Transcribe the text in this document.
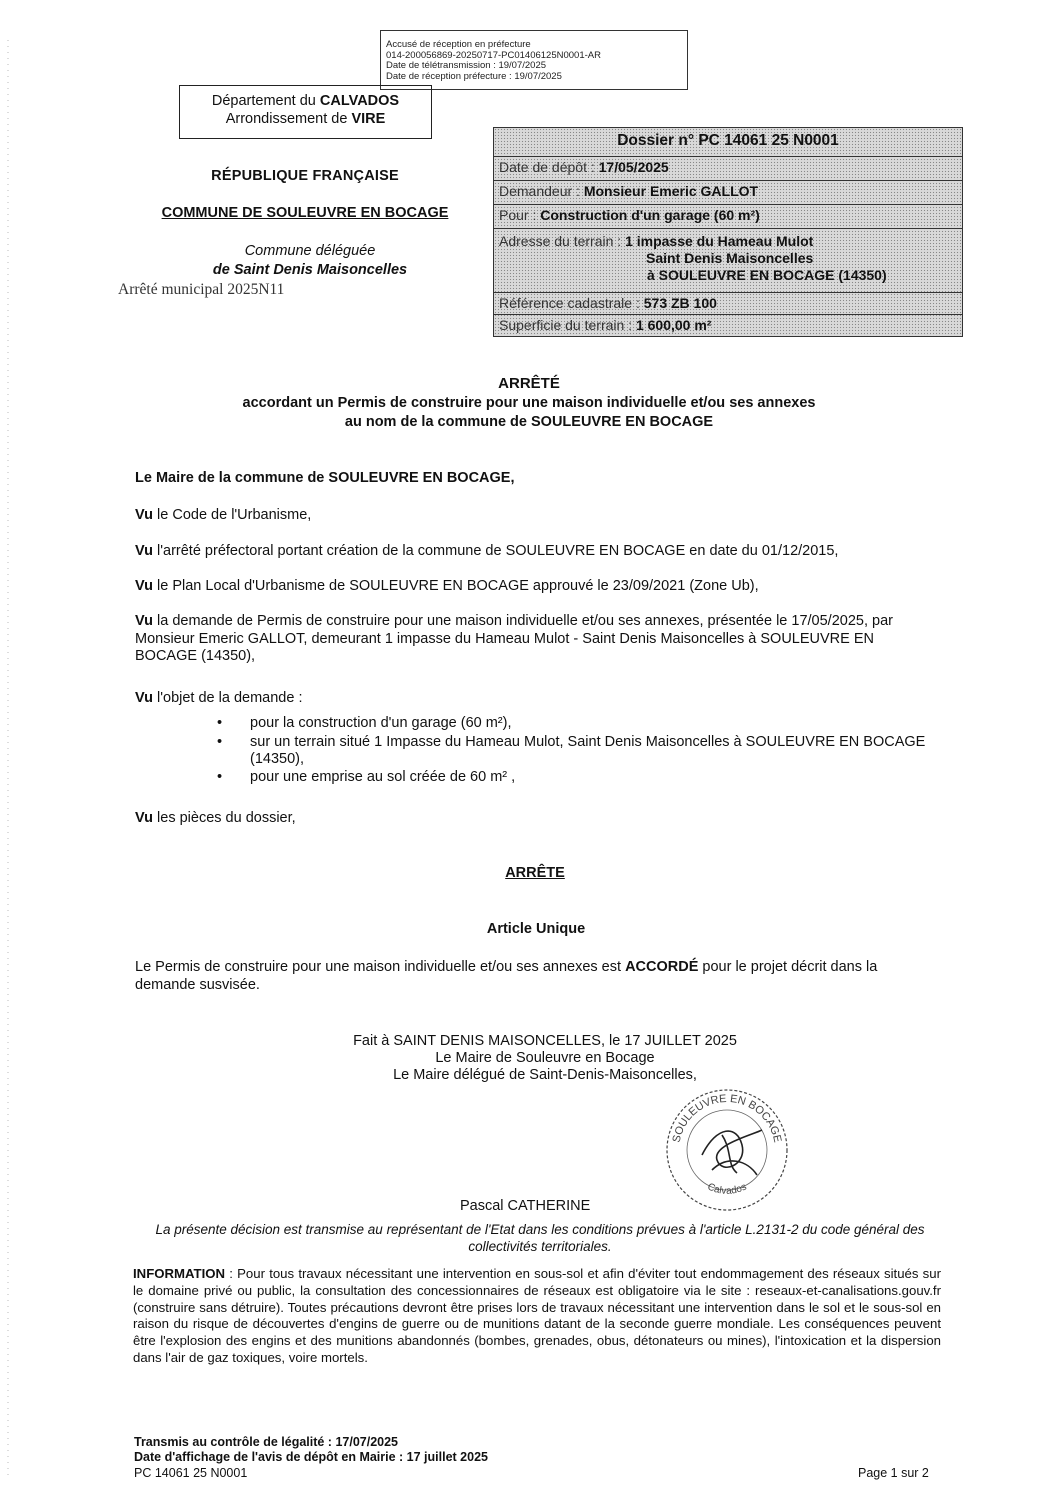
Accusé de réception en préfecture
014-200056869-20250717-PC01406125N0001-AR
Date de télétransmission : 19/07/2025
Date de réception préfecture : 19/07/2025
Département du CALVADOS
Arrondissement de VIRE
RÉPUBLIQUE FRANÇAISE
COMMUNE DE SOULEUVRE EN BOCAGE
Commune déléguée
de Saint Denis Maisoncelles
Arrêté municipal 2025N11
Dossier n° PC 14061 25 N0001
Date de dépôt : 17/05/2025
Demandeur : Monsieur Emeric GALLOT
Pour : Construction d'un garage (60 m²)
Adresse du terrain : 1 impasse du Hameau Mulot
Saint Denis Maisoncelles
à SOULEUVRE EN BOCAGE (14350)
Référence cadastrale : 573 ZB 100
Superficie du terrain : 1 600,00 m²
ARRÊTÉ
accordant un Permis de construire pour une maison individuelle et/ou ses annexes
au nom de la commune de SOULEUVRE EN BOCAGE
Le Maire de la commune de SOULEUVRE EN BOCAGE,
Vu le Code de l'Urbanisme,
Vu l'arrêté préfectoral portant création de la commune de SOULEUVRE EN BOCAGE en date du 01/12/2015,
Vu le Plan Local d'Urbanisme de SOULEUVRE EN BOCAGE approuvé le 23/09/2021 (Zone Ub),
Vu la demande de Permis de construire pour une maison individuelle et/ou ses annexes, présentée le 17/05/2025, par Monsieur Emeric GALLOT, demeurant 1 impasse du Hameau Mulot - Saint Denis Maisoncelles à SOULEUVRE EN BOCAGE (14350),
Vu l'objet de la demande :
• pour la construction d'un garage (60 m²),
• sur un terrain situé 1 Impasse du Hameau Mulot, Saint Denis Maisoncelles à SOULEUVRE EN BOCAGE (14350),
• pour une emprise au sol créée de 60 m² ,
Vu les pièces du dossier,
ARRÊTE
Article Unique
Le Permis de construire pour une maison individuelle et/ou ses annexes est ACCORDÉ pour le projet décrit dans la demande susvisée.
Fait à SAINT DENIS MAISONCELLES, le 17 JUILLET 2025
Le Maire de Souleuvre en Bocage
Le Maire délégué de Saint-Denis-Maisoncelles,
SOULEUVRE EN BOCAGE
Calvados
Pascal CATHERINE
La présente décision est transmise au représentant de l'Etat dans les conditions prévues à l'article L.2131-2 du code général des collectivités territoriales.
INFORMATION : Pour tous travaux nécessitant une intervention en sous-sol et afin d'éviter tout endommagement des réseaux situés sur le domaine privé ou public, la consultation des concessionnaires de réseaux est obligatoire via le site : reseaux-et-canalisations.gouv.fr (construire sans détruire). Toutes précautions devront être prises lors de travaux nécessitant une intervention dans le sol et le sous-sol en raison du risque de découvertes d'engins de guerre ou de munitions datant de la seconde guerre mondiale. Les conséquences peuvent être l'explosion des engins et des munitions abandonnés (bombes, grenades, obus, détonateurs ou mines), l'intoxication et la dispersion dans l'air de gaz toxiques, voire mortels.
Transmis au contrôle de légalité : 17/07/2025
Date d'affichage de l'avis de dépôt en Mairie : 17 juillet 2025
PC 14061 25 N0001	Page 1 sur 2
